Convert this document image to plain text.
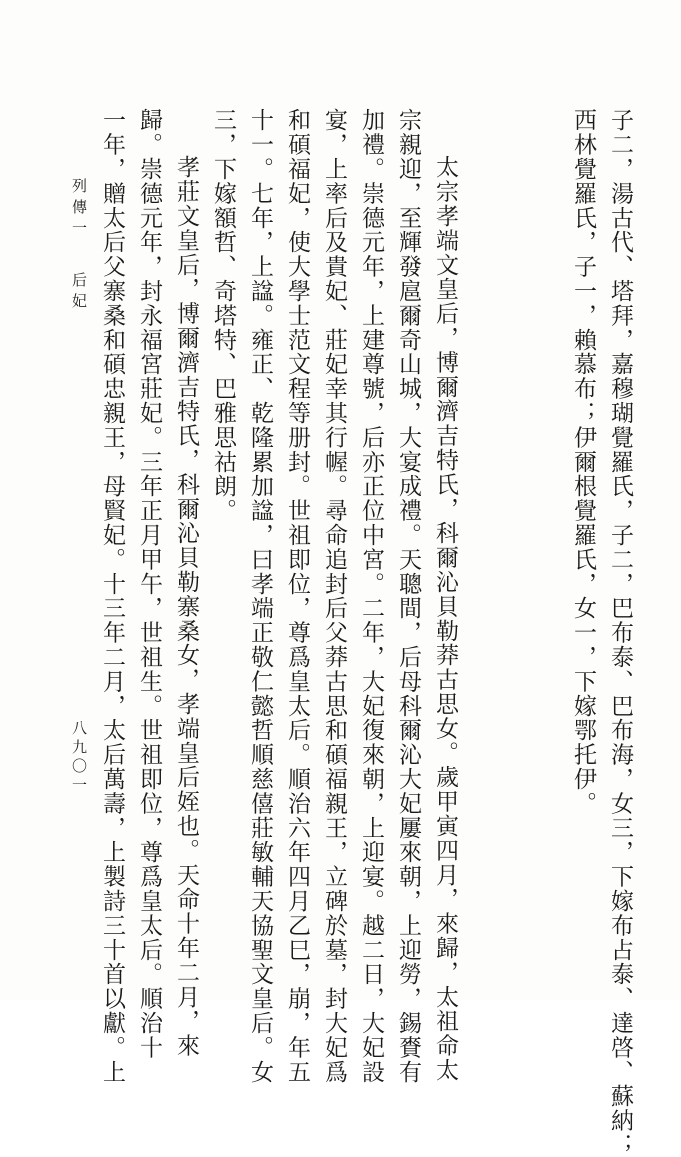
子二，湯古代、塔拜，嘉穆瑚覺羅氏，子二，巴布泰、巴布海，女三，下嫁布占泰、達啓、蘇納；
西林覺羅氏，子一，賴慕布；伊爾根覺羅氏，女一，下嫁鄂托伊。
太宗孝端文皇后，博爾濟吉特氏，科爾沁貝勒莽古思女。歲甲寅四月，來歸，太祖命太
宗親迎，至輝發扈爾奇山城，大宴成禮。天聰間，后母科爾沁大妃屢來朝，上迎勞，錫賚有
加禮。崇德元年，上建尊號，后亦正位中宮。二年，大妃復來朝，上迎宴。越二日，大妃設
宴，上率后及貴妃、莊妃幸其行幄。尋命追封后父莽古思和碩福親王，立碑於墓，封大妃爲
和碩福妃，使大學士范文程等册封。世祖即位，尊爲皇太后。順治六年四月乙巳，崩，年五
十一。七年，上諡。雍正、乾隆累加諡，曰孝端正敬仁懿哲順慈僖莊敏輔天協聖文皇后。女
三，下嫁額哲、奇塔特、巴雅思祜朗。
孝莊文皇后，博爾濟吉特氏，科爾沁貝勒寨桑女，孝端皇后姪也。天命十年二月，來
歸。崇德元年，封永福宮莊妃。三年正月甲午，世祖生。世祖即位，尊爲皇太后。順治十
一年，贈太后父寨桑和碩忠親王，母賢妃。十三年二月，太后萬壽，上製詩三十首以獻。上
列傳一
后妃
八九〇一
